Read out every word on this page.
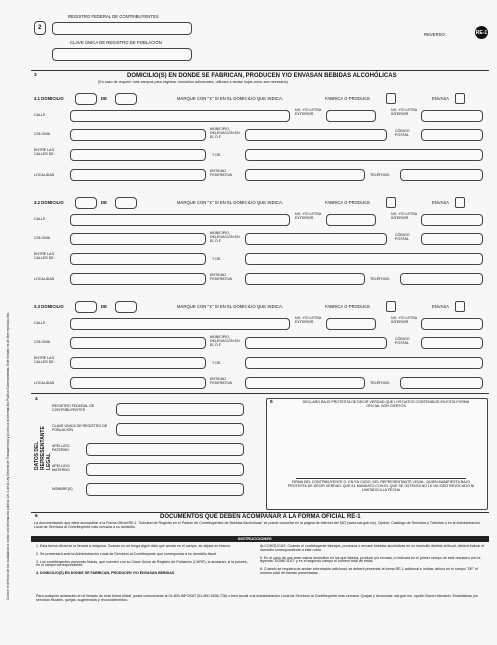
2
REGISTRO FEDERAL DE CONTRIBUYENTES
CLAVE ÚNICA DE REGISTRO DE POBLACIÓN
REVERSO	RE-1
3	DOMICILIO(S) EN DONDE SE FABRICAN, PRODUCEN Y/O ENVASAN BEBIDAS ALCOHÓLICAS
(En caso de requerir más campos para registrar domicilios adicionales, utilizará a tantas hojas como sea necesario)
3.1 DOMICILIO	DE	MARQUE CON "X" SI EN EL DOMICILIO QUE INDICA:	FABRICA O PRODUCE	ENVASA
CALLE
NO. Y/O LETRA EXTERIOR
NO. Y/O LETRA INTERIOR
COLONIA
MUNICIPIO, DELEGACIÓN EN EL D.F.
CÓDIGO POSTAL
ENTRE LAS CALLES DE:	Y DE:
LOCALIDAD
ENTIDAD FEDERATIVA	TELÉFONO
3.2 DOMICILIO	DE	MARQUE CON "X" SI EN EL DOMICILIO QUE INDICA:	FABRICA O PRODUCE	ENVASA
CALLE
NO. Y/O LETRA EXTERIOR
NO. Y/O LETRA INTERIOR
COLONIA
MUNICIPIO, DELEGACIÓN EN EL D.F.
CÓDIGO POSTAL
ENTRE LAS CALLES DE:	Y DE:
LOCALIDAD
ENTIDAD FEDERATIVA	TELÉFONO
3.3 DOMICILIO	DE	MARQUE CON "X" SI EN EL DOMICILIO QUE INDICA:	FABRICA O PRODUCE	ENVASA
CALLE
NO. Y/O LETRA EXTERIOR
NO. Y/O LETRA INTERIOR
COLONIA
MUNICIPIO, DELEGACIÓN EN EL D.F.
CÓDIGO POSTAL
ENTRE LAS CALLES DE:	Y DE:
LOCALIDAD
ENTIDAD FEDERATIVA	TELÉFONO
Conoce el derecho de los ciudadanos a contar con información pública: Art. 4 de la Ley General de Transparencia y Acceso a la Información Pública Gubernamental. Este formato es de libre reproducción.	4
DATOS DEL REPRESENTANTE LEGAL
REGISTRO FEDERAL DE CONTRIBUYENTES
CLAVE ÚNICA DE REGISTRO DE POBLACIÓN
APELLIDO PATERNO
APELLIDO MATERNO
NOMBRE(S)
5	DECLARO BAJO PROTESTA DE DECIR VERDAD QUE LOS DATOS CONTENIDOS EN ESTA FORMA OFICIAL SON CIERTOS
FIRMA DEL CONTRIBUYENTE O, EN SU CASO, DEL REPRESENTANTE LEGAL, QUIEN MANIFIESTA BAJO PROTESTA DE DECIR VERDAD, QUE EL MANDATO CON EL QUE SE OSTENTA NO LE HA SIDO REVOCADO NI LIMITADO A LA FECHA
6	DOCUMENTOS QUE DEBEN ACOMPAÑAR A LA FORMA OFICIAL RE-1
La documentación que debe acompañar a la Forma Oficial RE-1 "Solicitud de Registro en el Padrón de Contribuyentes de Bebidas Alcohólicas" se puede consultar en la página de Internet del SAT (www.sat.gob.mx), Opción: Catálogo de Servicios y Trámites o en la Administración Local de Servicios al Contribuyente más cercana a su domicilio.
INSTRUCCIONES
1. Esta forma oficial se la llenará a máquina. Cuando no se tenga algún dato que anotar en el campo, se dejará en blanco.
2. Se presentará ante la Administración Local de Servicios al Contribuyente que corresponda a su domicilio fiscal.
3. Los contribuyentes personas físicas, que cuenten con su Clave Única de Registro de Población (CURP), la anotarán; si la poseen, en el campo correspondiente.
4. DOMICILIO(S) EN DONDE SE FABRICAN, PRODUCEN Y/O ENVASAN BEBIDAS
ALCOHÓLICAS. Cuando el contribuyente fabrique, produzca o envase bebidas alcohólicas en un domicilio distinto al fiscal, deberá indicar el domicilio correspondiente a este rubro.
5. En el caso de que sean varios domicilios en los que fabrica, produce y/o envasa, lo indicará en el primer campo de este recuadro con la leyenda "DOMICILIO" y en el segundo campo el número total de éstos.
6. Cuando se requiera de anotar información adicional, se deberá presentar la forma RE-1 adicional e indicar dichos en el campo "DE" el número total de formas presentadas.
Para cualquier aclaración en el llenado de esta forma oficial, podrá comunicarse al 01-800-INFOSAT (01-800-4636-728) o bien acudir a la Administración Local de Servicios al Contribuyente más cercana. Quejas y denuncias: sat.gob.mx, opción Buzón tributario, Estadísticas y/o servicios fiscales, quejas, sugerencias y reconocimientos.
